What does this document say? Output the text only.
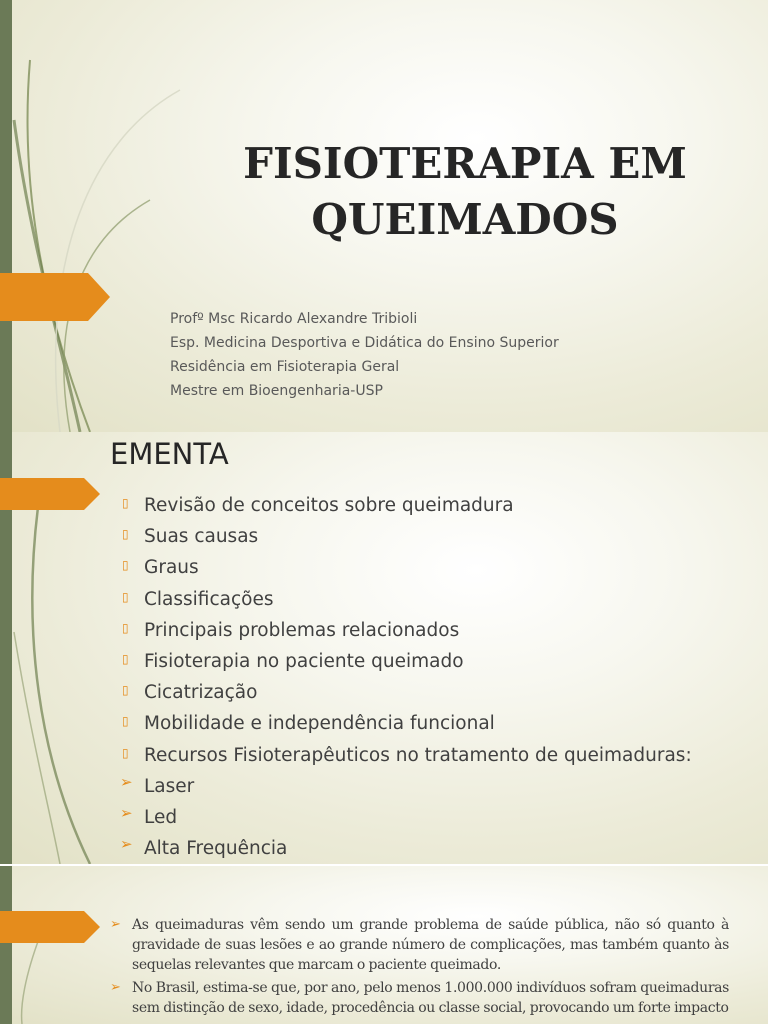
FISIOTERAPIA EM QUEIMADOS
Profº Msc Ricardo Alexandre Tribioli
Esp. Medicina Desportiva e Didática do Ensino Superior
Residência em Fisioterapia Geral
Mestre em Bioengenharia-USP
EMENTA
▯ Revisão de conceitos sobre queimadura
▯ Suas causas
▯ Graus
▯ Classificações
▯ Principais problemas relacionados
▯ Fisioterapia no paciente queimado
▯ Cicatrização
▯ Mobilidade e independência funcional
▯ Recursos Fisioterapêuticos no tratamento de queimaduras:
➢ Laser
➢ Led
➢ Alta Frequência
➢ As queimaduras vêm sendo um grande problema de saúde pública, não só quanto à gravidade de suas lesões e ao grande número de complicações, mas também quanto às sequelas relevantes que marcam o paciente queimado.
➢ No Brasil, estima-se que, por ano, pelo menos 1.000.000 indivíduos sofram queimaduras sem distinção de sexo, idade, procedência ou classe social, provocando um forte impacto
